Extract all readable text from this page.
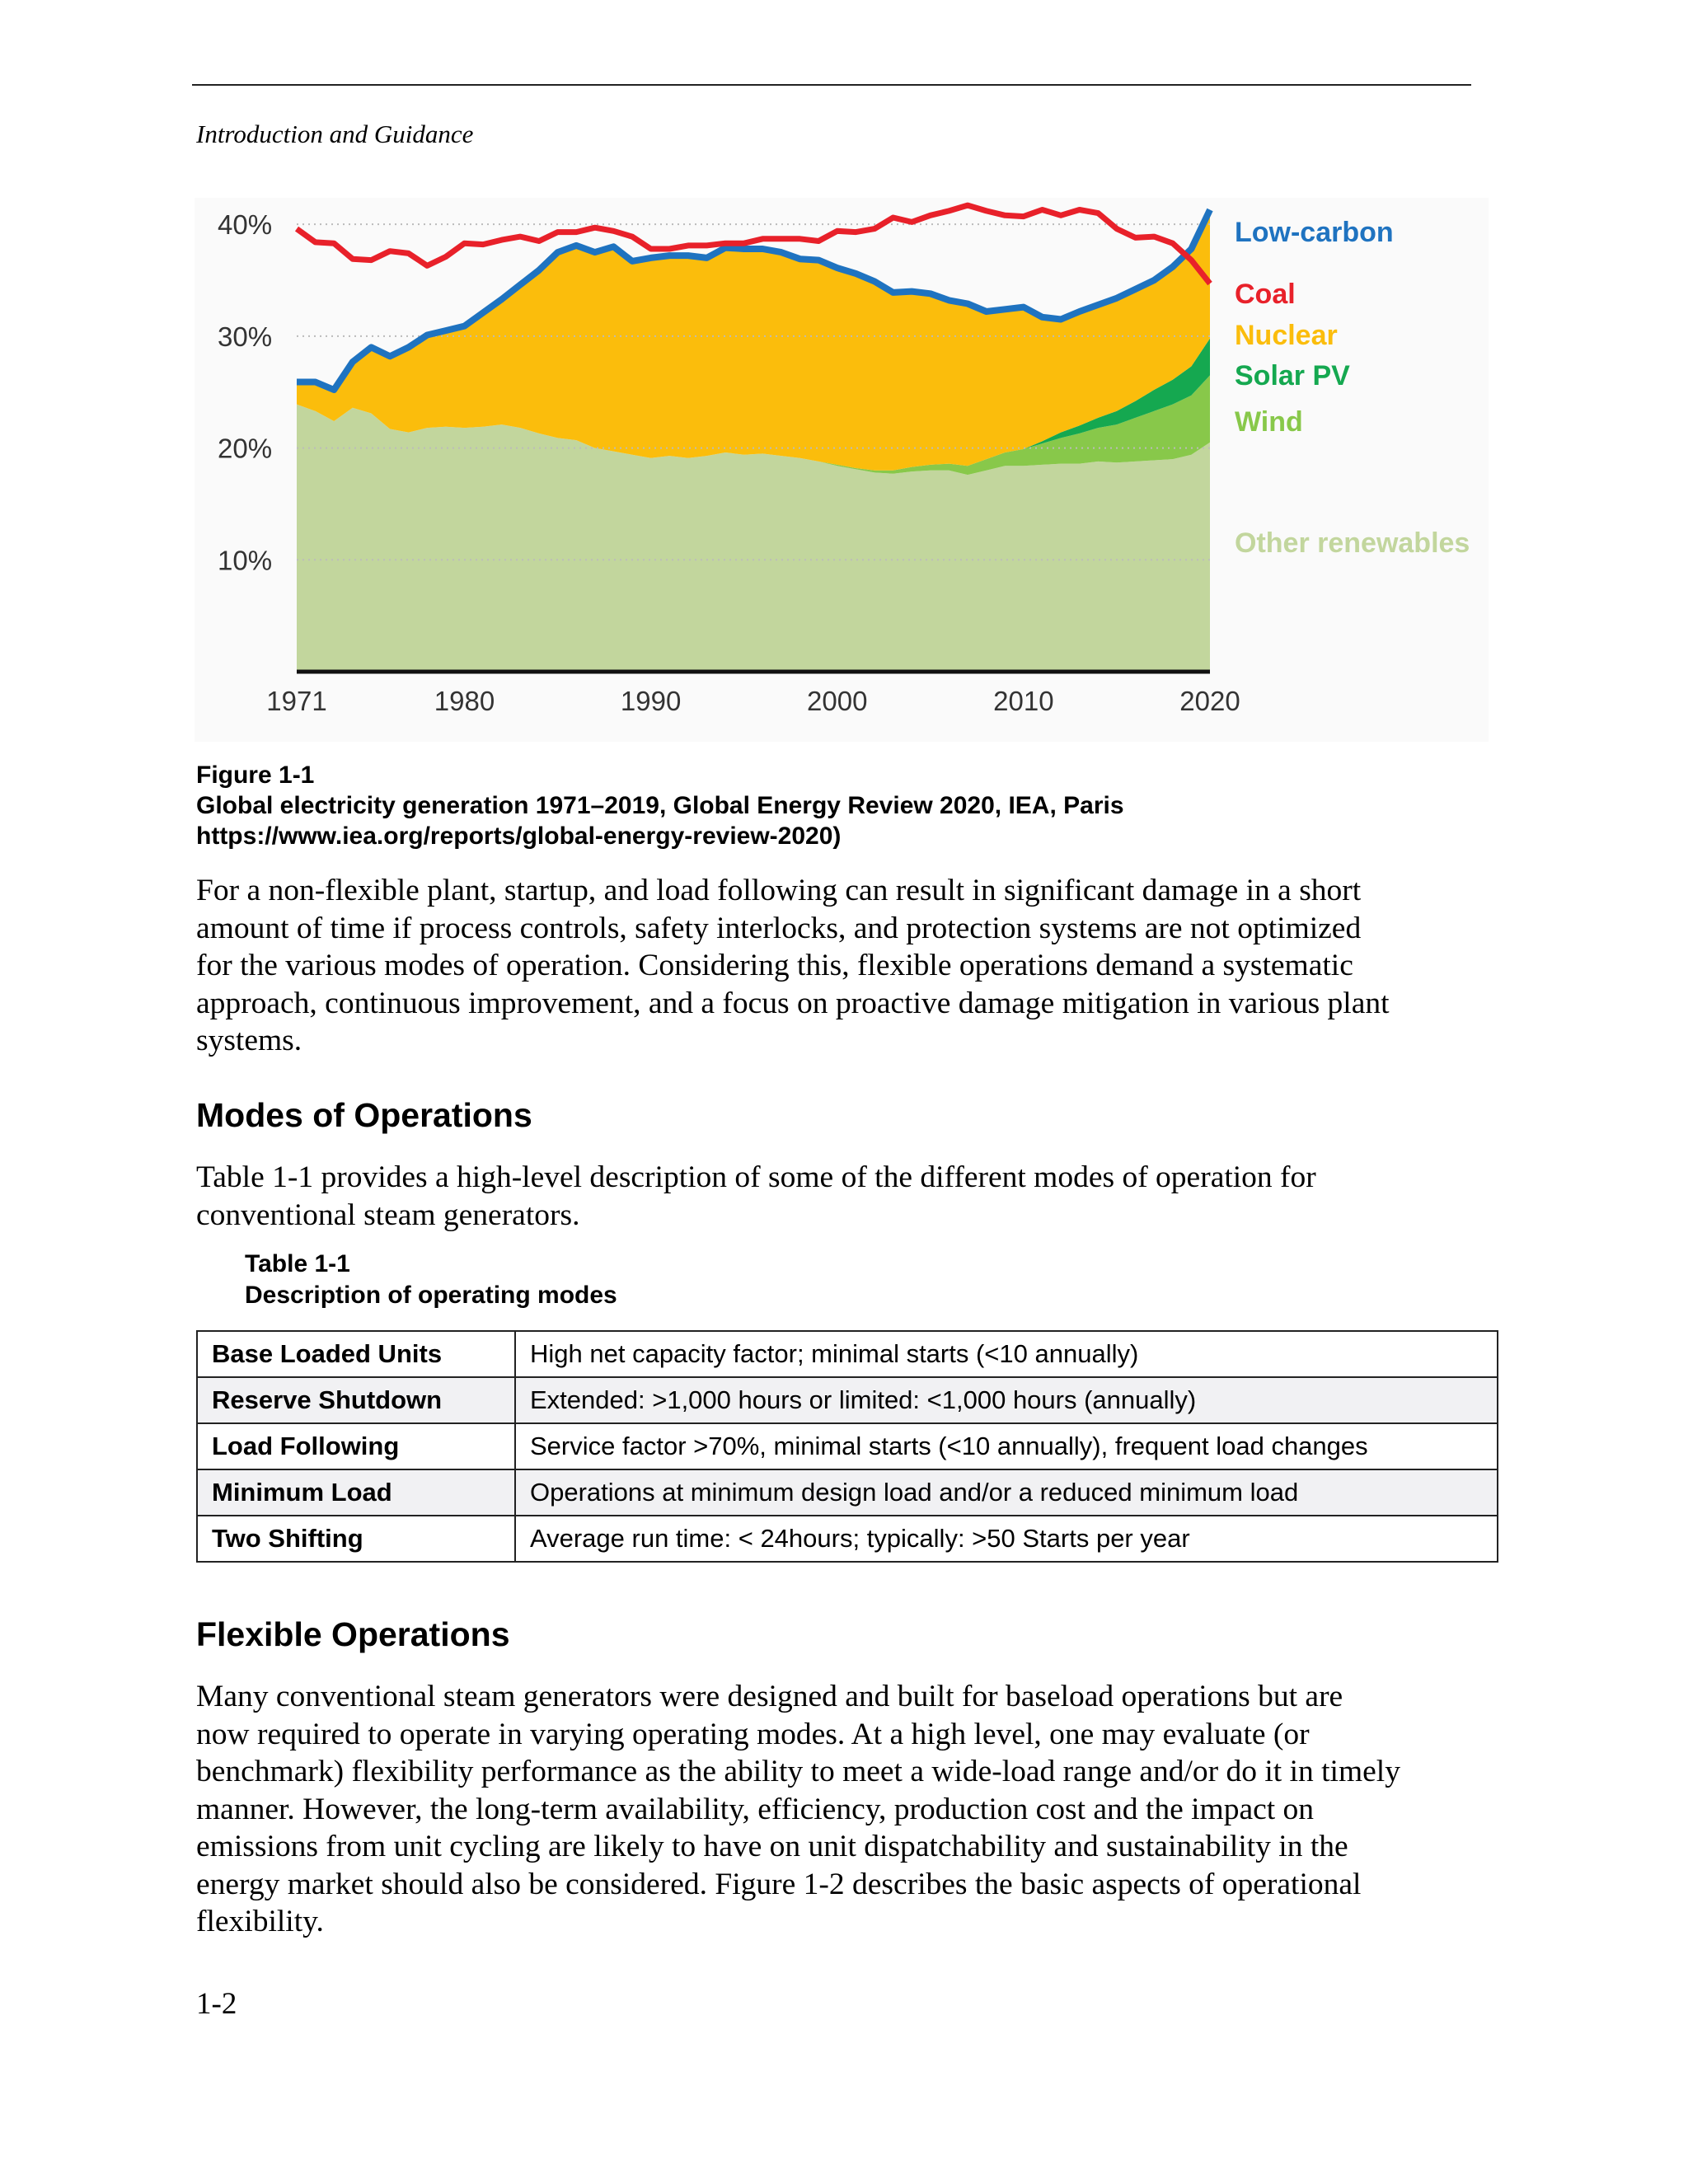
Introduction and Guidance
40%
30%
20%
10%
1971	1980	1990	2000	2010	2020
Low-carbon
Coal
Nuclear
Solar PV
Wind
Other renewables
Figure 1-1
Global electricity generation 1971–2019, Global Energy Review 2020, IEA, Paris
https://www.iea.org/reports/global-energy-review-2020)
For a non-flexible plant, startup, and load following can result in significant damage in a short
amount of time if process controls, safety interlocks, and protection systems are not optimized
for the various modes of operation. Considering this, flexible operations demand a systematic
approach, continuous improvement, and a focus on proactive damage mitigation in various plant
systems.
Modes of Operations
Table 1-1 provides a high-level description of some of the different modes of operation for
conventional steam generators.
Table 1-1
Description of operating modes
Base Loaded Units	High net capacity factor; minimal starts (<10 annually)
Reserve Shutdown	Extended: >1,000 hours or limited: <1,000 hours (annually)
Load Following	Service factor >70%, minimal starts (<10 annually), frequent load changes
Minimum Load	Operations at minimum design load and/or a reduced minimum load
Two Shifting	Average run time: < 24hours; typically: >50 Starts per year
Flexible Operations
Many conventional steam generators were designed and built for baseload operations but are
now required to operate in varying operating modes. At a high level, one may evaluate (or
benchmark) flexibility performance as the ability to meet a wide-load range and/or do it in timely
manner. However, the long-term availability, efficiency, production cost and the impact on
emissions from unit cycling are likely to have on unit dispatchability and sustainability in the
energy market should also be considered. Figure 1-2 describes the basic aspects of operational
flexibility.
1-2
